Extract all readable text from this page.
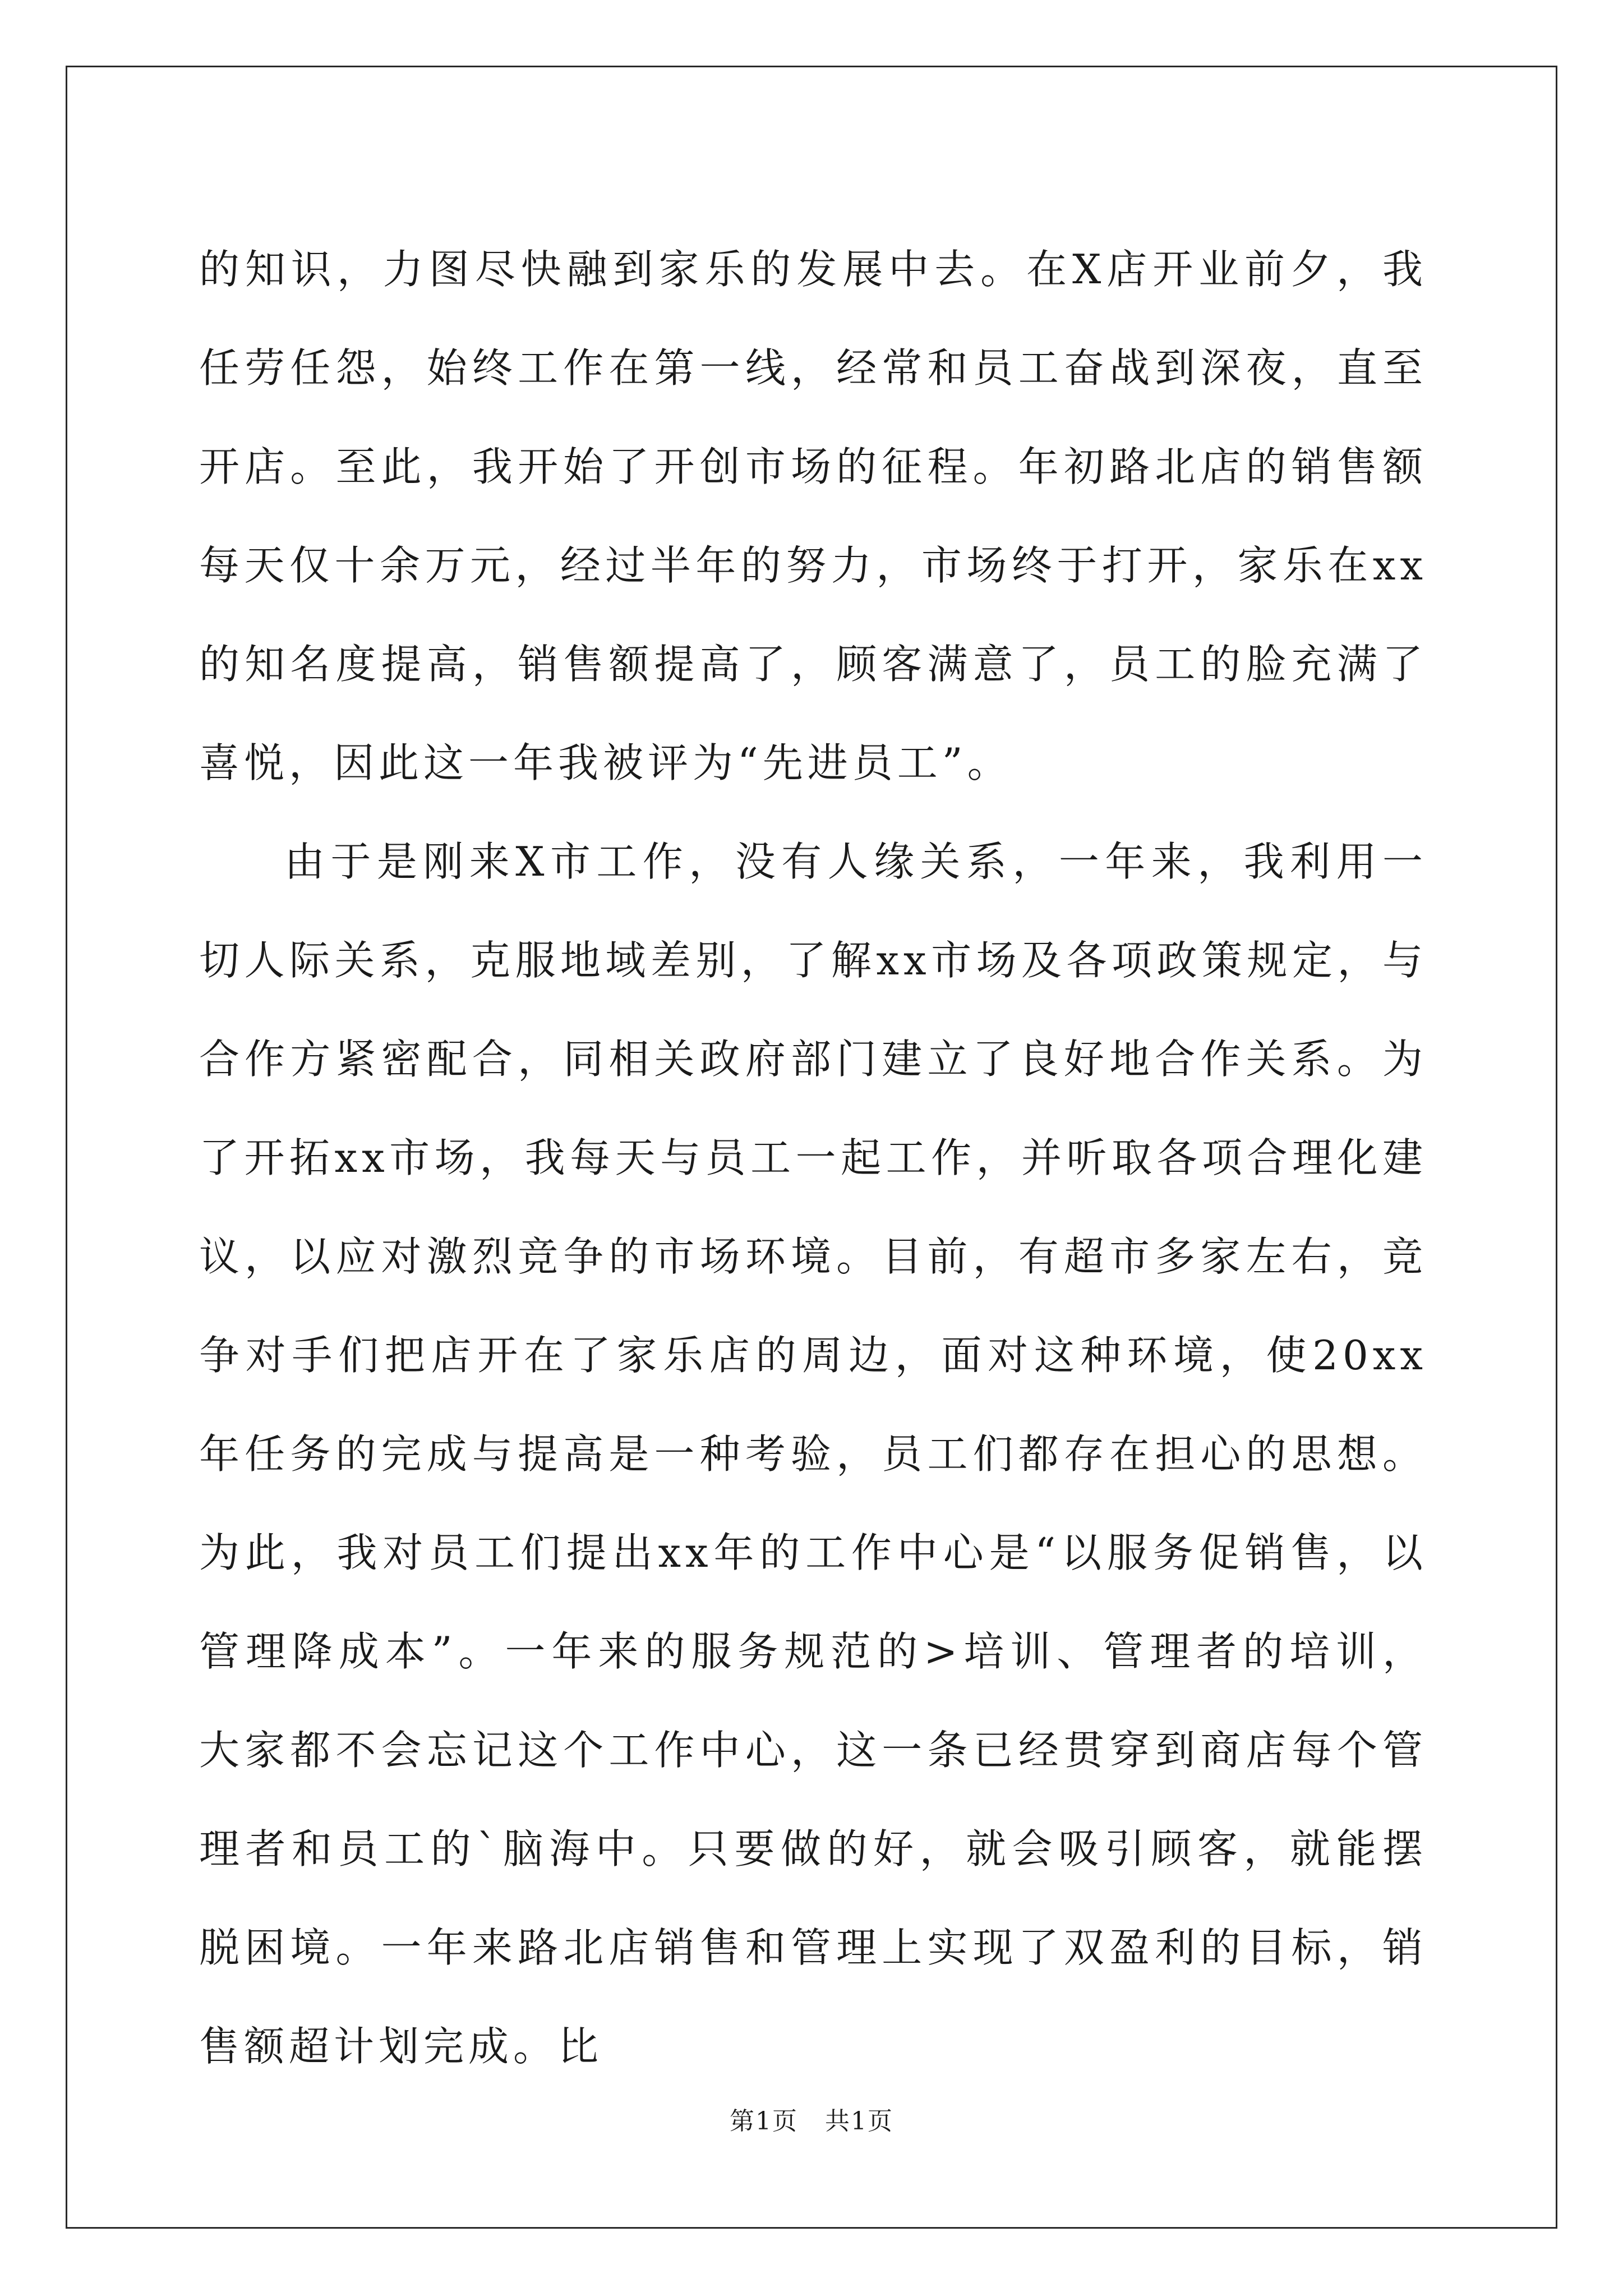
的知识，力图尽快融到家乐的发展中去。在X店开业前夕，我任劳任怨，始终工作在第一线，经常和员工奋战到深夜，直至开店。至此，我开始了开创市场的征程。年初路北店的销售额每天仅十余万元，经过半年的努力，市场终于打开，家乐在xx的知名度提高，销售额提高了，顾客满意了，员工的脸充满了喜悦，因此这一年我被评为“先进员工”。

由于是刚来X市工作，没有人缘关系，一年来，我利用一切人际关系，克服地域差别，了解xx市场及各项政策规定，与合作方紧密配合，同相关政府部门建立了良好地合作关系。为了开拓xx市场，我每天与员工一起工作，并听取各项合理化建议，以应对激烈竞争的市场环境。目前，有超市多家左右，竞争对手们把店开在了家乐店的周边，面对这种环境，使20xx年任务的完成与提高是一种考验，员工们都存在担心的思想。为此，我对员工们提出xx年的工作中心是“以服务促销售，以管理降成本”。一年来的服务规范的>培训、管理者的培训，大家都不会忘记这个工作中心，这一条已经贯穿到商店每个管理者和员工的`脑海中。只要做的好，就会吸引顾客，就能摆脱困境。一年来路北店销售和管理上实现了双盈利的目标，销售额超计划完成。比

第1页 共1页
